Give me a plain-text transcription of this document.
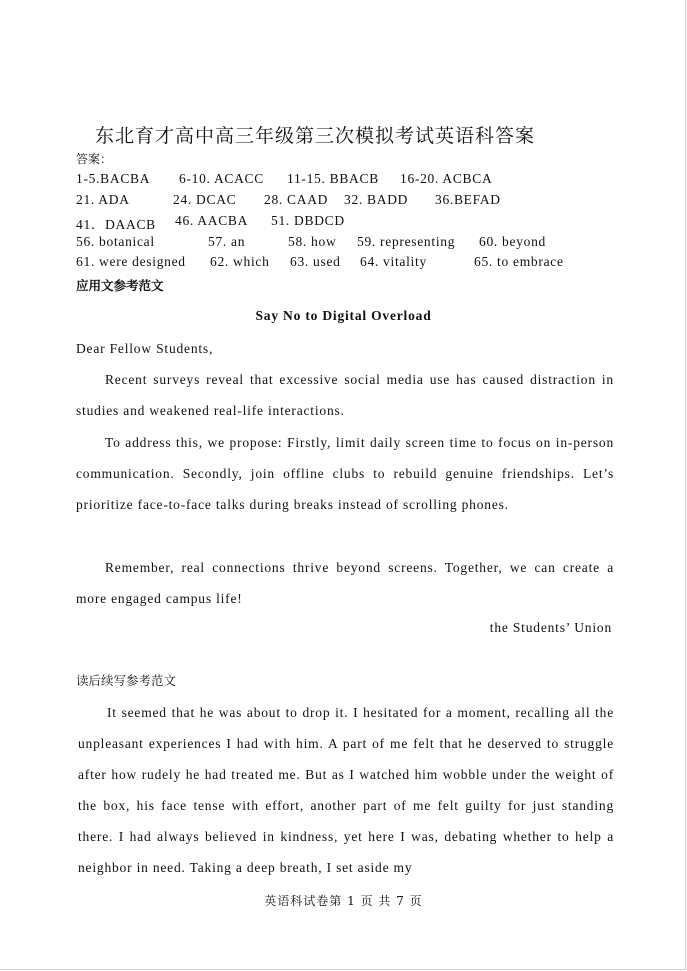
东北育才高中高三年级第三次模拟考试英语科答案
答案：
1-5.BACBA 6-10. ACACC 11-15. BBACB 16-20. ACBCA
21. ADA	24. DCAC 28. CAAD 32. BADD 36.BEFAD
41．DAACB 46. AACBA 51. DBDCD
56. botanical	57. an	58. how 59. representing 60. beyond
61. were designed 62. which 63. used 64. vitality	65. to embrace
应用文参考范文
Say No to Digital Overload

Dear Fellow Students,

Recent surveys reveal that excessive social media use has caused distraction in studies and weakened real-life interactions.

To address this, we propose: Firstly, limit daily screen time to focus on in-person communication. Secondly, join offline clubs to rebuild genuine friendships. Let’s prioritize face-to-face talks during breaks instead of scrolling phones.

Remember, real connections thrive beyond screens. Together, we can create a more engaged campus life!

the Students’ Union
读后续写参考范文

It seemed that he was about to drop it. I hesitated for a moment, recalling all the unpleasant experiences I had with him. A part of me felt that he deserved to struggle after how rudely he had treated me. But as I watched him wobble under the weight of the box, his face tense with effort, another part of me felt guilty for just standing there. I had always believed in kindness, yet here I was, debating whether to help a neighbor in need. Taking a deep breath, I set aside my

英语科试卷第 1 页 共 7 页
